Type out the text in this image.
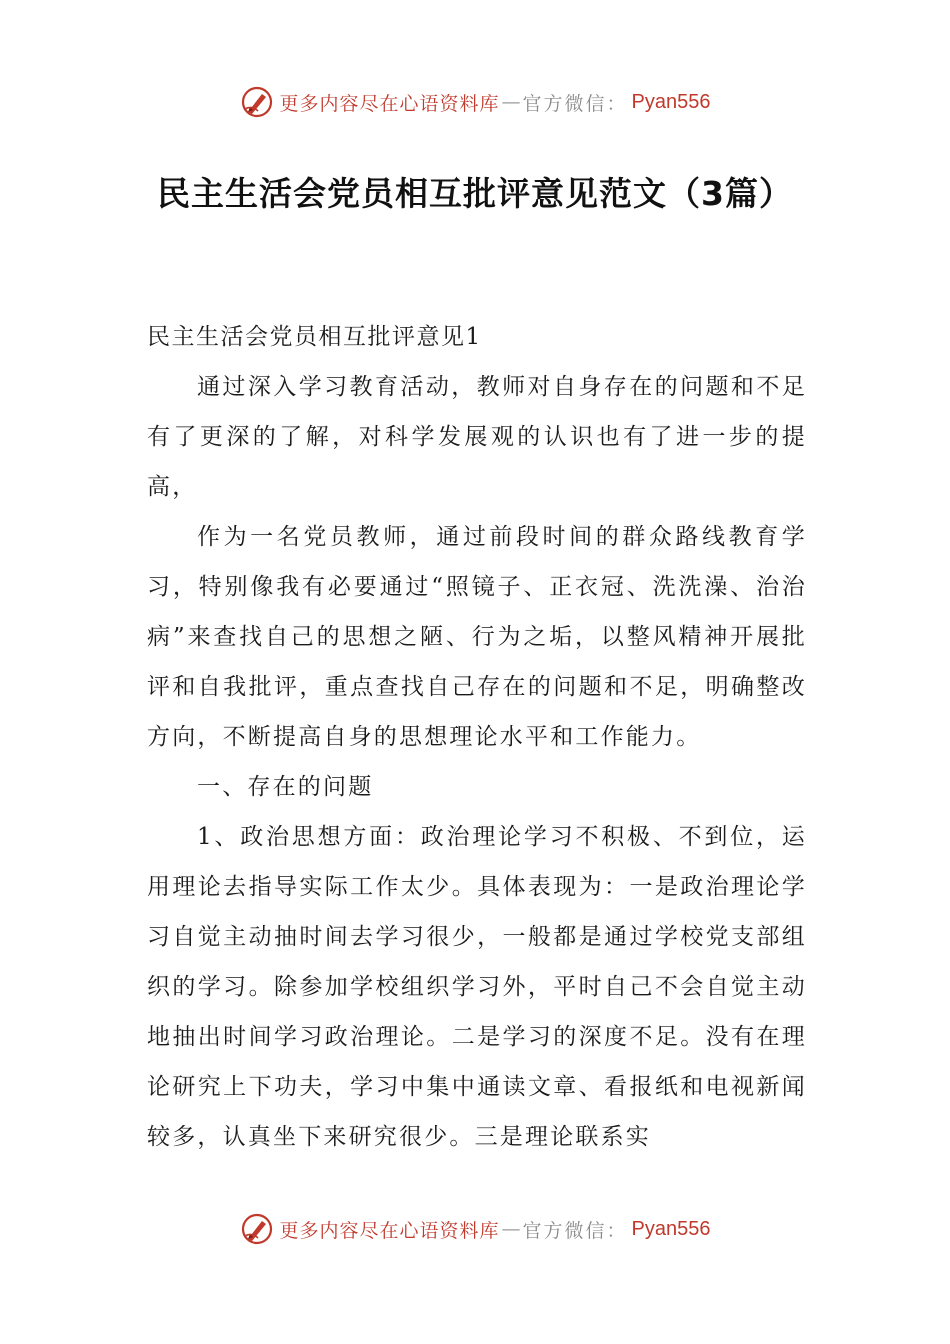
更多内容尽在心语资料库 — 官方微信： Pyan556
民主生活会党员相互批评意见范文（3篇）

民主生活会党员相互批评意见1

通过深入学习教育活动，教师对自身存在的问题和不足有了更深的了解，对科学发展观的认识也有了进一步的提高，

作为一名党员教师，通过前段时间的群众路线教育学习，特别像我有必要通过“照镜子、正衣冠、洗洗澡、治治病”来查找自己的思想之陋、行为之垢，以整风精神开展批评和自我批评，重点查找自己存在的问题和不足，明确整改方向，不断提高自身的思想理论水平和工作能力。

一、存在的问题

1、政治思想方面：政治理论学习不积极、不到位，运用理论去指导实际工作太少。具体表现为：一是政治理论学习自觉主动抽时间去学习很少，一般都是通过学校党支部组织的学习。除参加学校组织学习外，平时自己不会自觉主动地抽出时间学习政治理论。二是学习的深度不足。没有在理论研究上下功夫，学习中集中通读文章、看报纸和电视新闻较多，认真坐下来研究很少。三是理论联系实

更多内容尽在心语资料库 — 官方微信： Pyan556
